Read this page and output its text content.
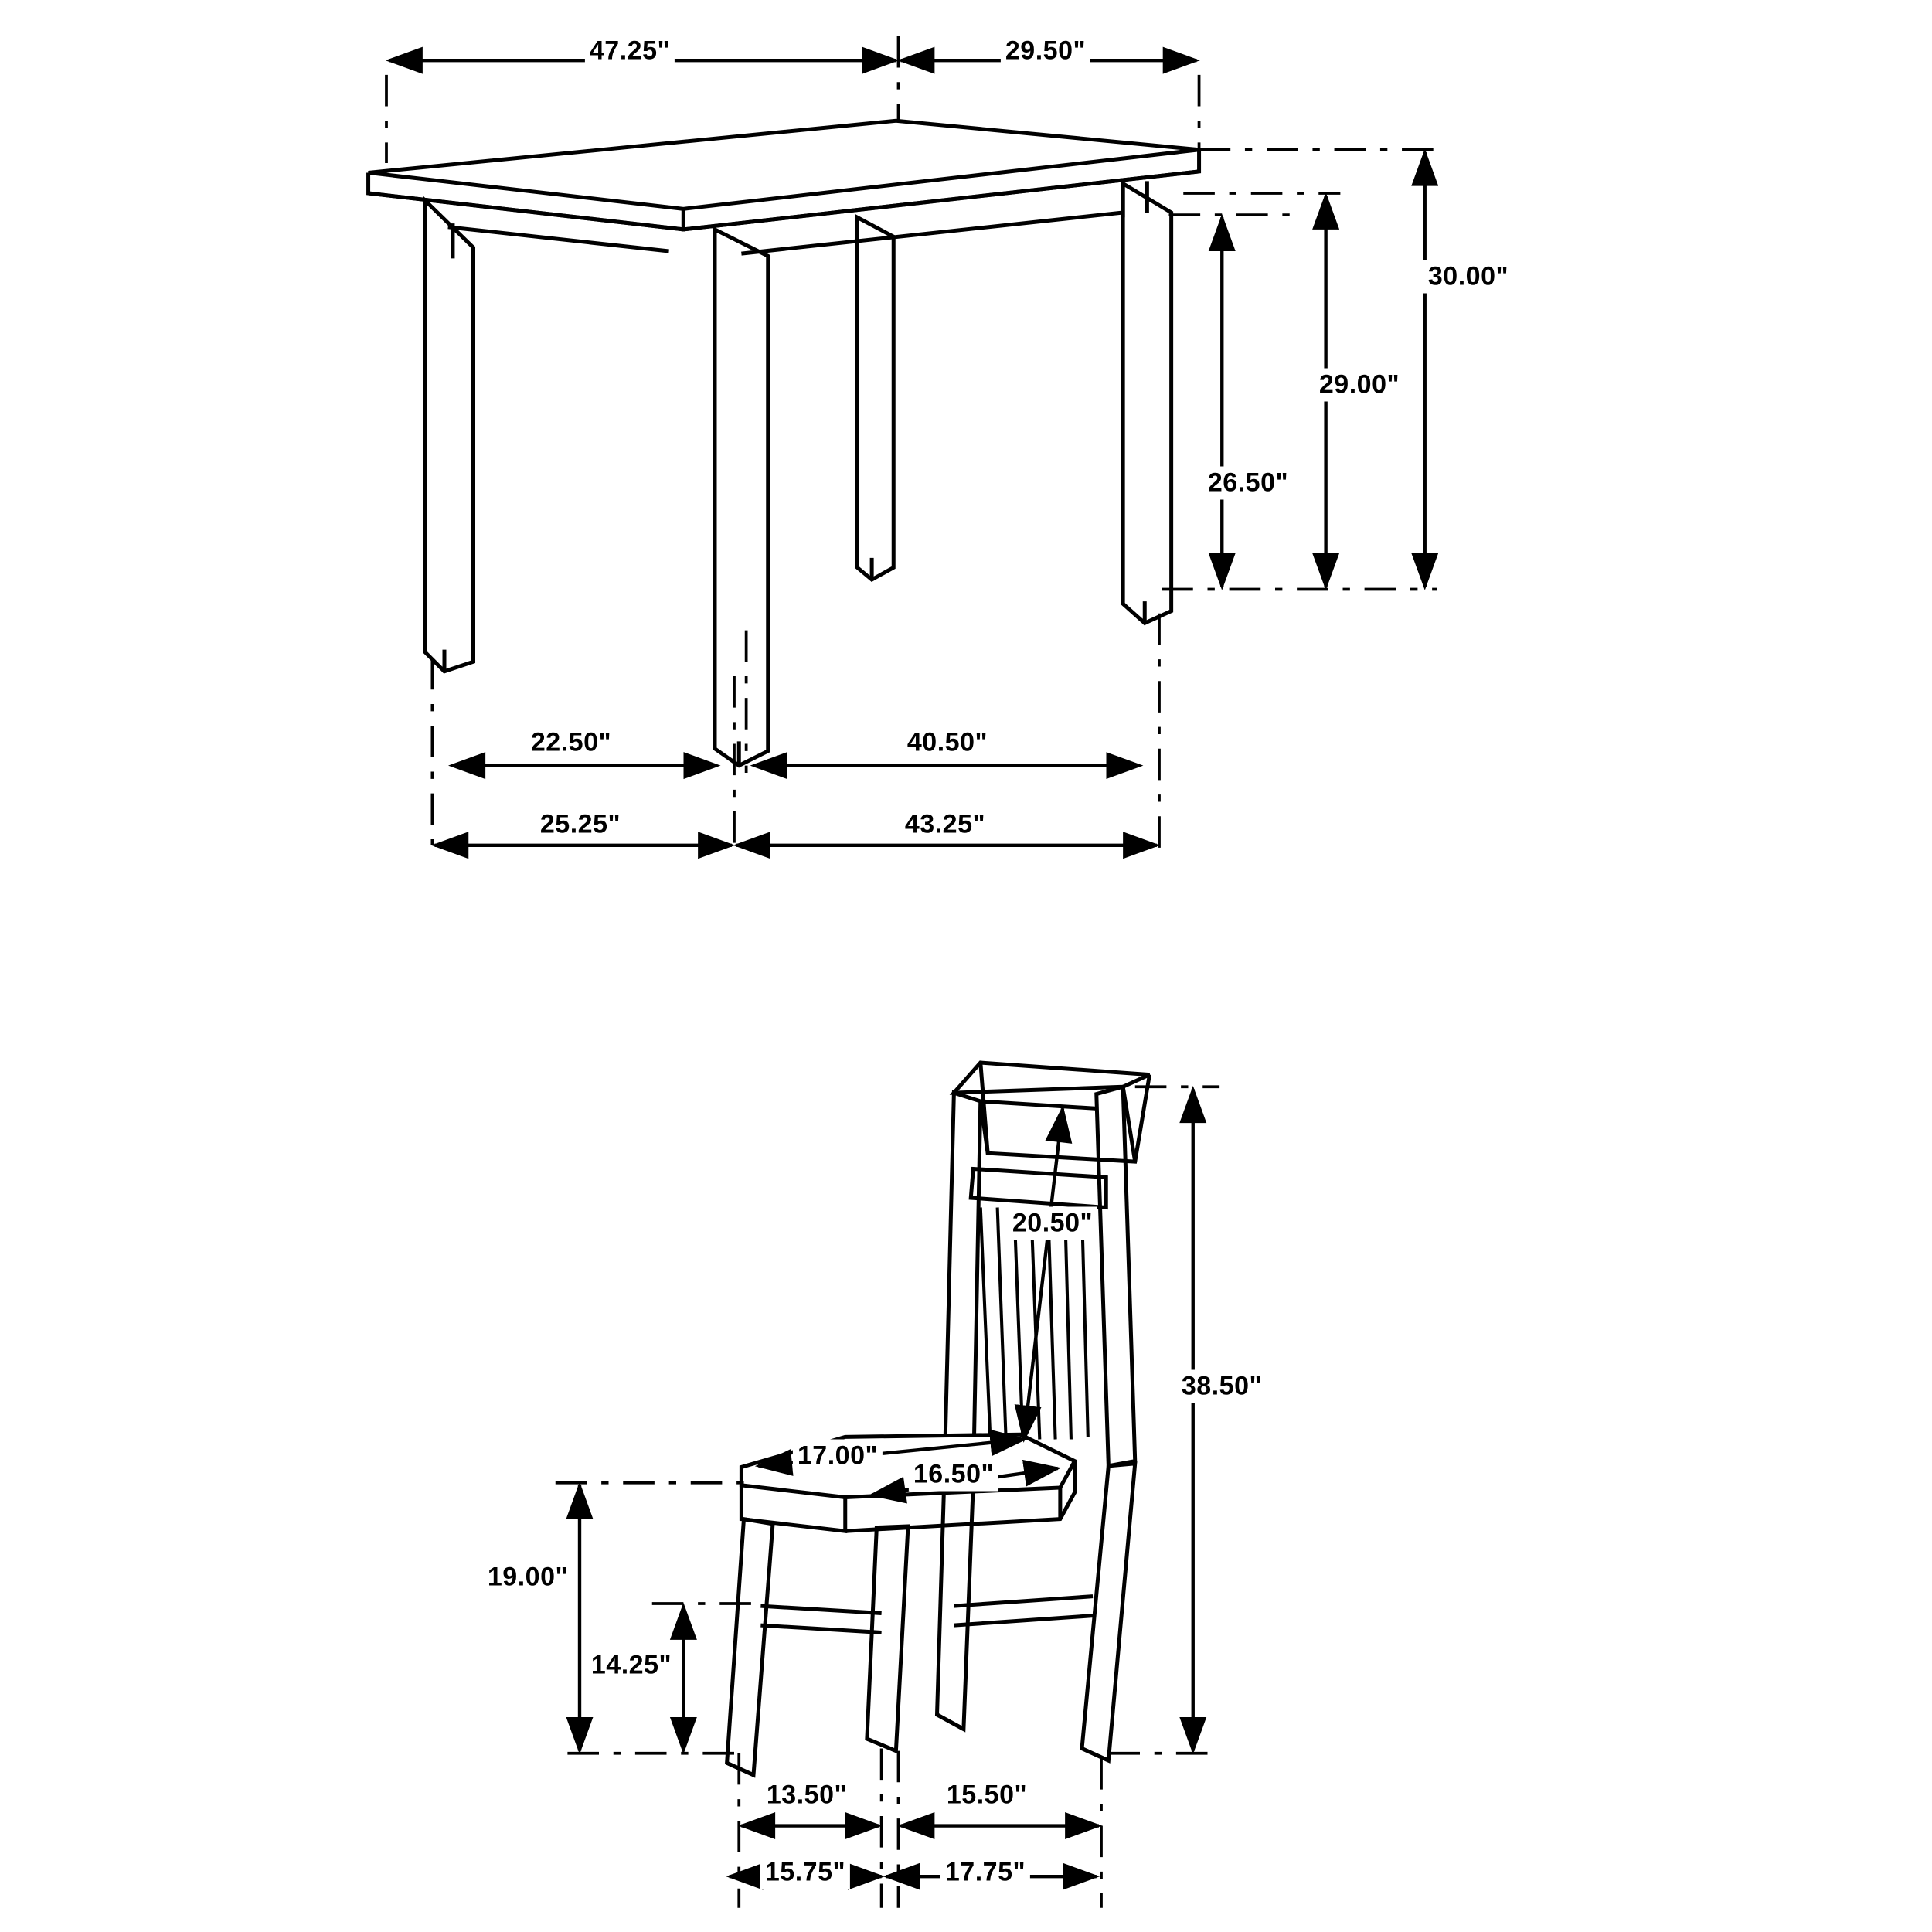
47.25"	29.50"
30.00"
29.00"
26.50"
22.50"	40.50"
25.25"	43.25"
20.50"
38.50"
17.00"
16.50"
19.00"
14.25"
13.50"	15.50"
15.75"	17.75"
